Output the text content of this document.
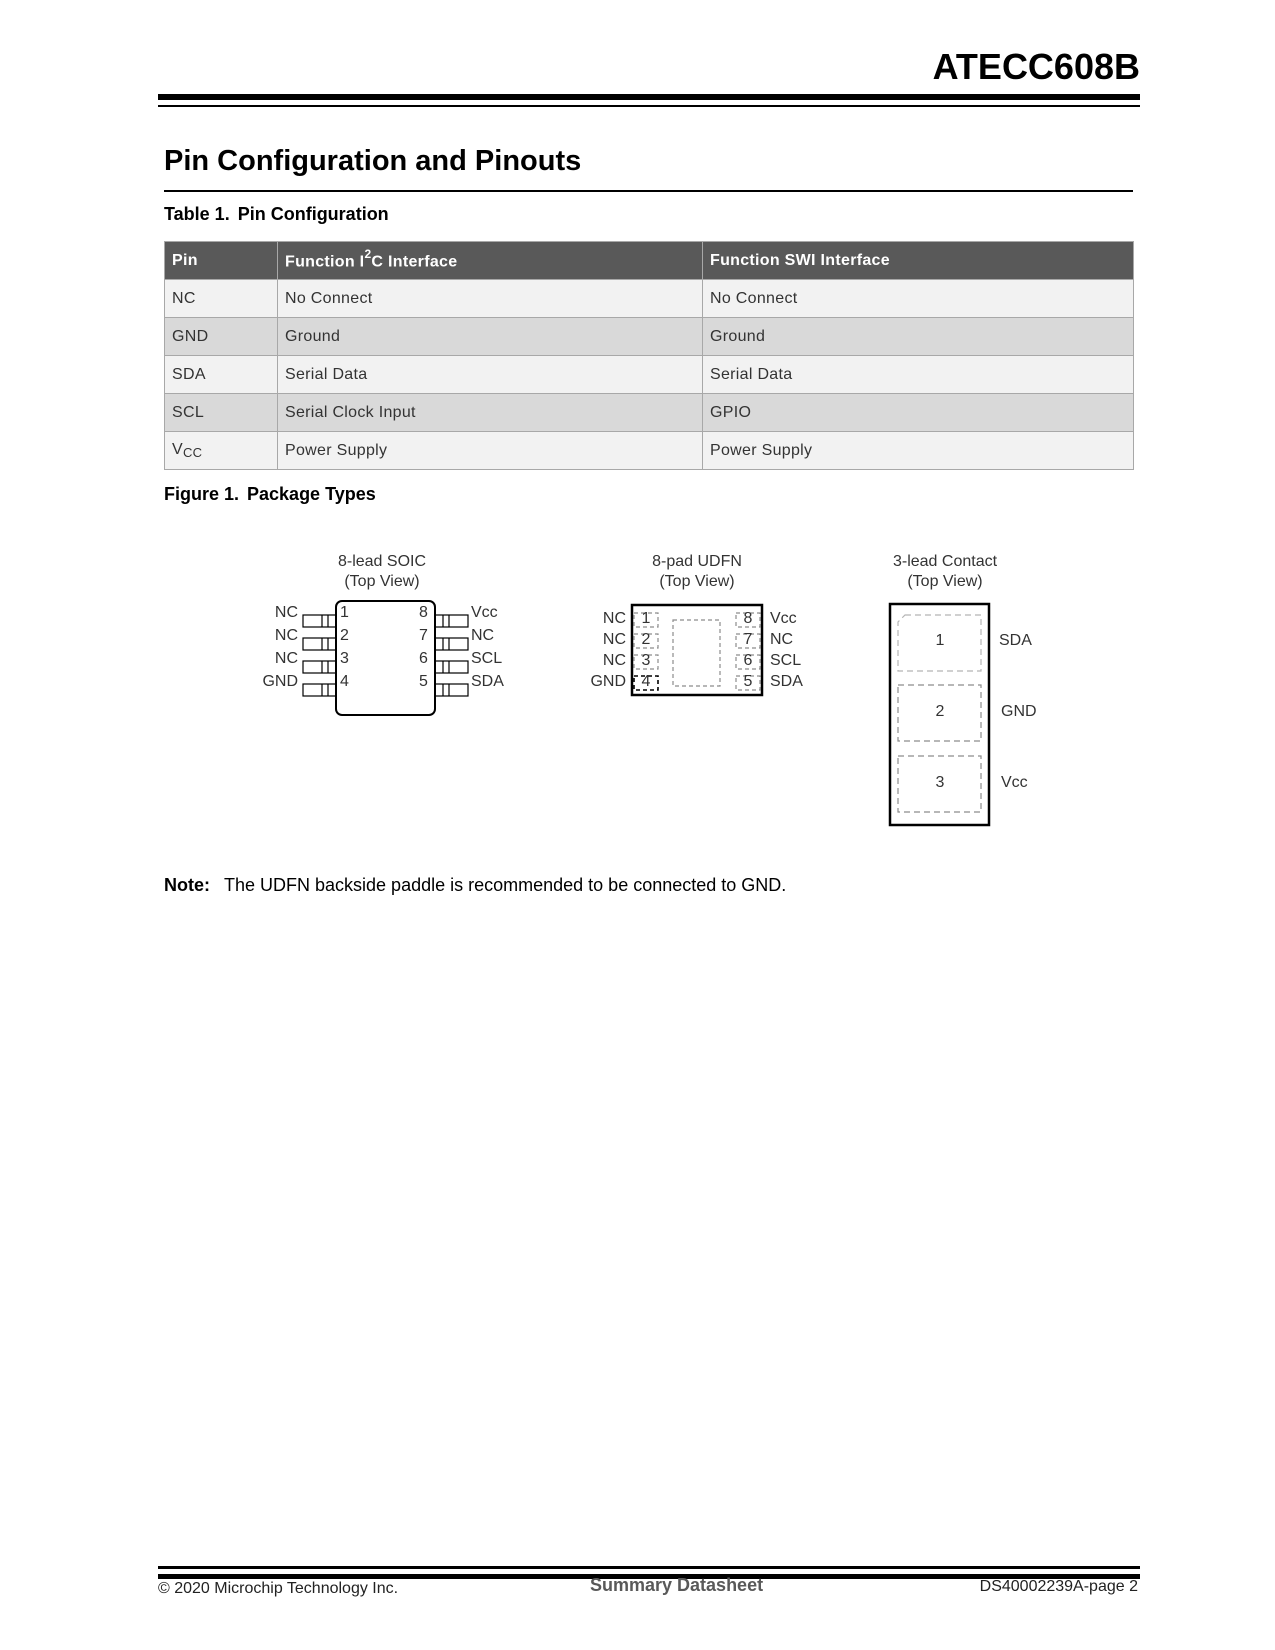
ATECC608B
Pin Configuration and Pinouts
Table 1. Pin Configuration
Pin	Function $I^2C$ Interface	Function SWI Interface
NC	No Connect	No Connect
GND	Ground	Ground
SDA	Serial Data	Serial Data
SCL	Serial Clock Input	GPIO
$V_{CC}$	Power Supply	Power Supply
Figure 1. Package Types
8-lead SOIC
(Top View)
NC
NC
NC
GND
1
2
3
4
8
7
6
5
Vcc
NC
SCL
SDA
8-pad UDFN
(Top View)
NC
NC
NC
GND
1
2
3
4
8
7
6
5
Vcc
NC
SCL
SDA
3-lead Contact
(Top View)
1
2
3
SDA
GND
Vcc
Note: The UDFN backside paddle is recommended to be connected to GND.
© 2020 Microchip Technology Inc.	Summary Datasheet	DS40002239A-page 2
